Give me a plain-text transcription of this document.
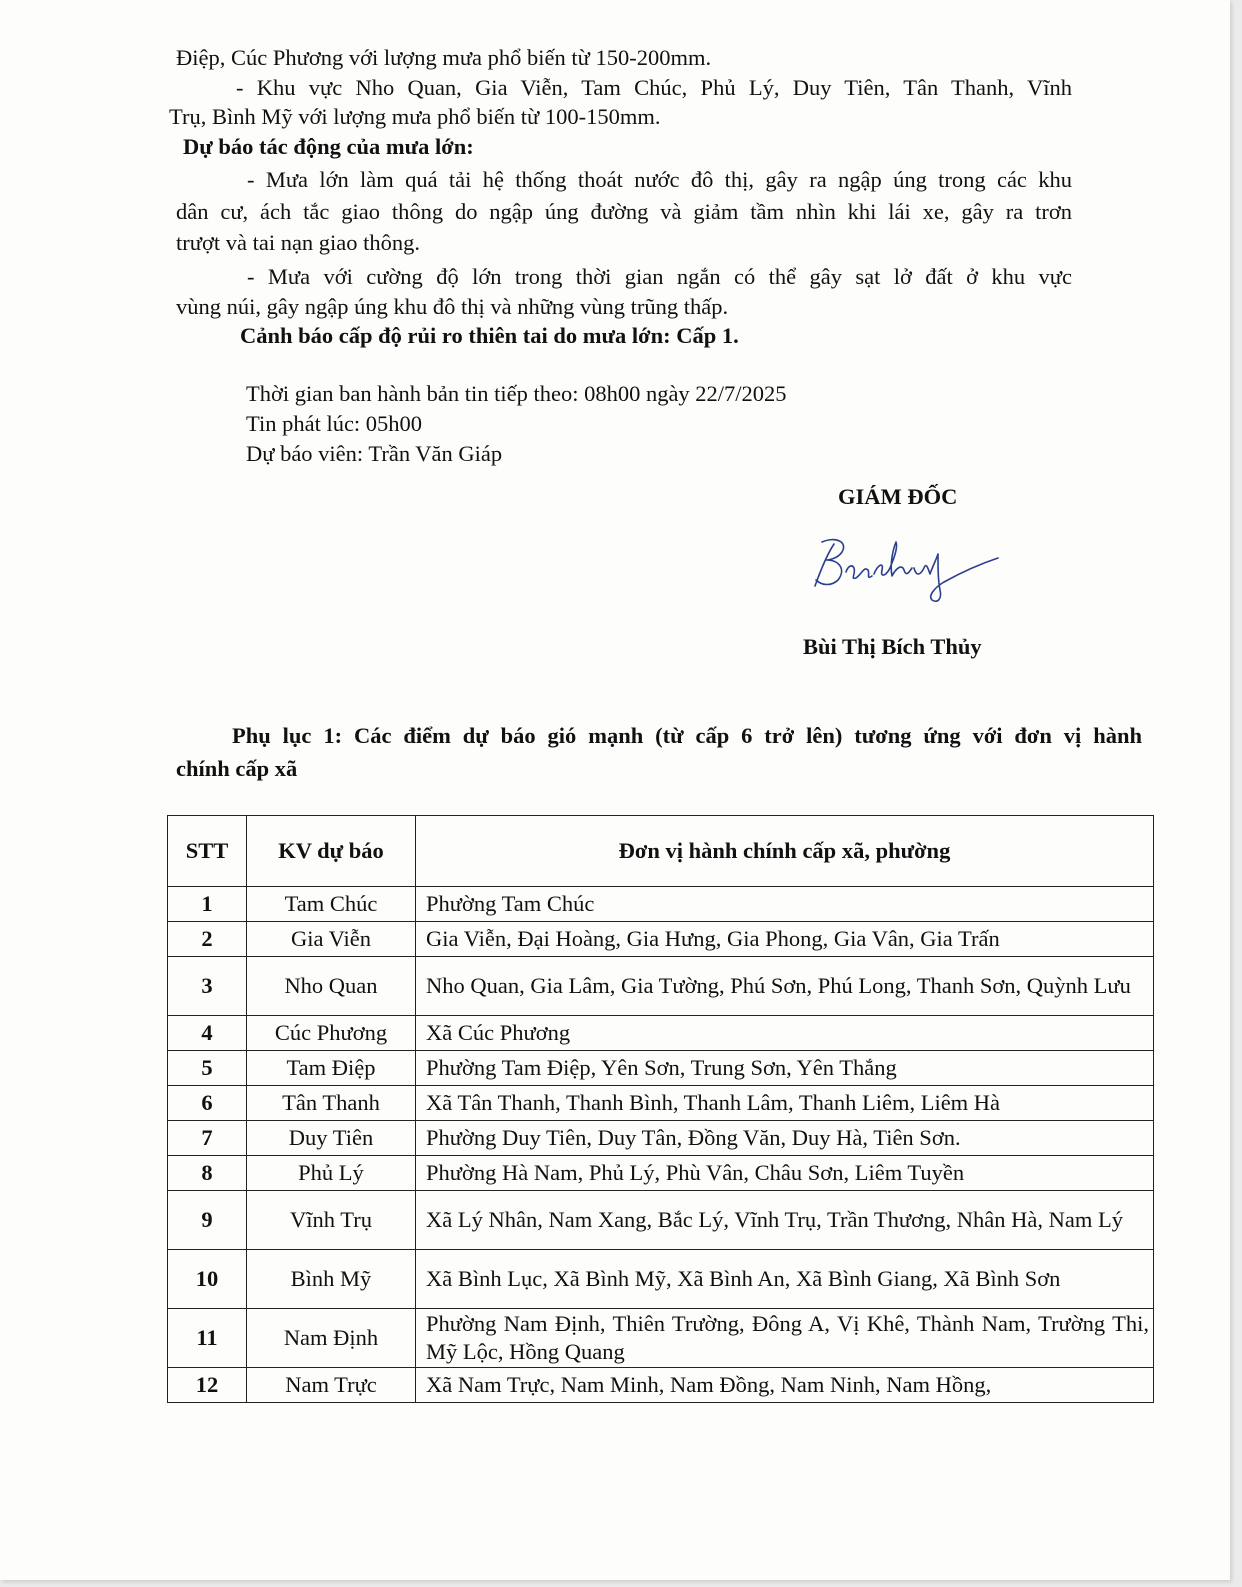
Điệp, Cúc Phương với lượng mưa phổ biến từ 150-200mm.
- Khu vực Nho Quan, Gia Viễn, Tam Chúc, Phủ Lý, Duy Tiên, Tân Thanh, Vĩnh
Trụ, Bình Mỹ với lượng mưa phổ biến từ 100-150mm.
Dự báo tác động của mưa lớn:
- Mưa lớn làm quá tải hệ thống thoát nước đô thị, gây ra ngập úng trong các khu
dân cư, ách tắc giao thông do ngập úng đường và giảm tầm nhìn khi lái xe, gây ra trơn
trượt và tai nạn giao thông.
- Mưa với cường độ lớn trong thời gian ngắn có thể gây sạt lở đất ở khu vực
vùng núi, gây ngập úng khu đô thị và những vùng trũng thấp.
Cảnh báo cấp độ rủi ro thiên tai do mưa lớn: Cấp 1.
Thời gian ban hành bản tin tiếp theo: 08h00 ngày 22/7/2025
Tin phát lúc: 05h00
Dự báo viên: Trần Văn Giáp
GIÁM ĐỐC
Bùi Thị Bích Thủy
Phụ lục 1: Các điểm dự báo gió mạnh (từ cấp 6 trở lên) tương ứng với đơn vị hành
chính cấp xã
STT	KV dự báo	Đơn vị hành chính cấp xã, phường
1	Tam Chúc	Phường Tam Chúc
2	Gia Viễn	Gia Viễn, Đại Hoàng, Gia Hưng, Gia Phong, Gia Vân, Gia Trấn
3	Nho Quan	Nho Quan, Gia Lâm, Gia Tường, Phú Sơn, Phú Long, Thanh Sơn, Quỳnh Lưu
4	Cúc Phương	Xã Cúc Phương
5	Tam Điệp	Phường Tam Điệp, Yên Sơn, Trung Sơn, Yên Thắng
6	Tân Thanh	Xã Tân Thanh, Thanh Bình, Thanh Lâm, Thanh Liêm, Liêm Hà
7	Duy Tiên	Phường Duy Tiên, Duy Tân, Đồng Văn, Duy Hà, Tiên Sơn.
8	Phủ Lý	Phường Hà Nam, Phủ Lý, Phù Vân, Châu Sơn, Liêm Tuyền
9	Vĩnh Trụ	Xã Lý Nhân, Nam Xang, Bắc Lý, Vĩnh Trụ, Trần Thương, Nhân Hà, Nam Lý
10	Bình Mỹ	Xã Bình Lục, Xã Bình Mỹ, Xã Bình An, Xã Bình Giang, Xã Bình Sơn
11	Nam Định	Phường Nam Định, Thiên Trường, Đông A, Vị Khê, Thành Nam, Trường Thi, Mỹ Lộc, Hồng Quang
12	Nam Trực	Xã Nam Trực, Nam Minh, Nam Đồng, Nam Ninh, Nam Hồng,
